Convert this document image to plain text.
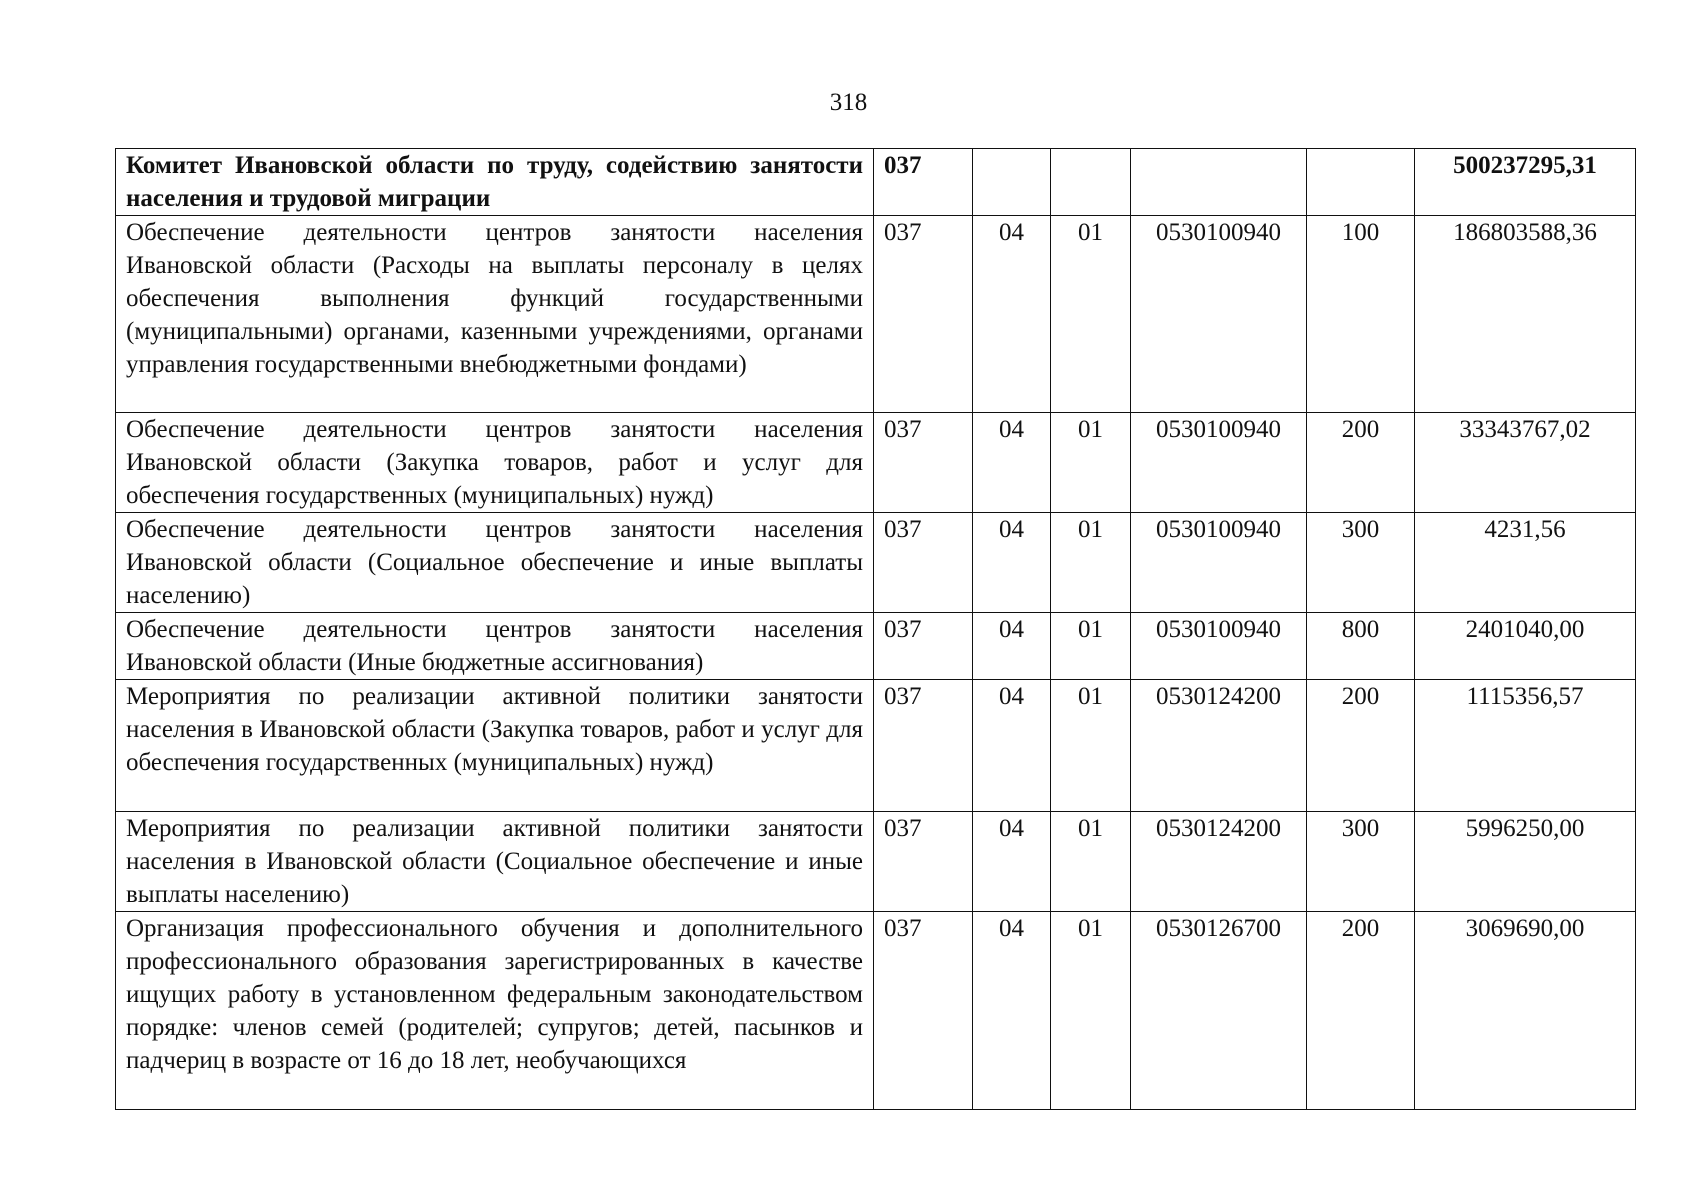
318
Комитет Ивановской области по труду, содействию занятости населения и трудовой миграции	037					500237295,31
Обеспечение деятельности центров занятости населения Ивановской области (Расходы на выплаты персоналу в целях обеспечения выполнения функций государственными (муниципальными) органами, казенными учреждениями, органами управления государственными внебюджетными фондами)	037	04	01	0530100940	100	186803588,36
Обеспечение деятельности центров занятости населения Ивановской области (Закупка товаров, работ и услуг для обеспечения государственных (муниципальных) нужд)	037	04	01	0530100940	200	33343767,02
Обеспечение деятельности центров занятости населения Ивановской области (Социальное обеспечение и иные выплаты населению)	037	04	01	0530100940	300	4231,56
Обеспечение деятельности центров занятости населения Ивановской области (Иные бюджетные ассигнования)	037	04	01	0530100940	800	2401040,00
Мероприятия по реализации активной политики занятости населения в Ивановской области (Закупка товаров, работ и услуг для обеспечения государственных (муниципальных) нужд)	037	04	01	0530124200	200	1115356,57
Мероприятия по реализации активной политики занятости населения в Ивановской области (Социальное обеспечение и иные выплаты населению)	037	04	01	0530124200	300	5996250,00
Организация профессионального обучения и дополнительного профессионального образования зарегистрированных в качестве ищущих работу в установленном федеральным законодательством порядке: членов семей (родителей; супругов; детей, пасынков и падчериц в возрасте от 16 до 18 лет, необучающихся	037	04	01	0530126700	200	3069690,00
